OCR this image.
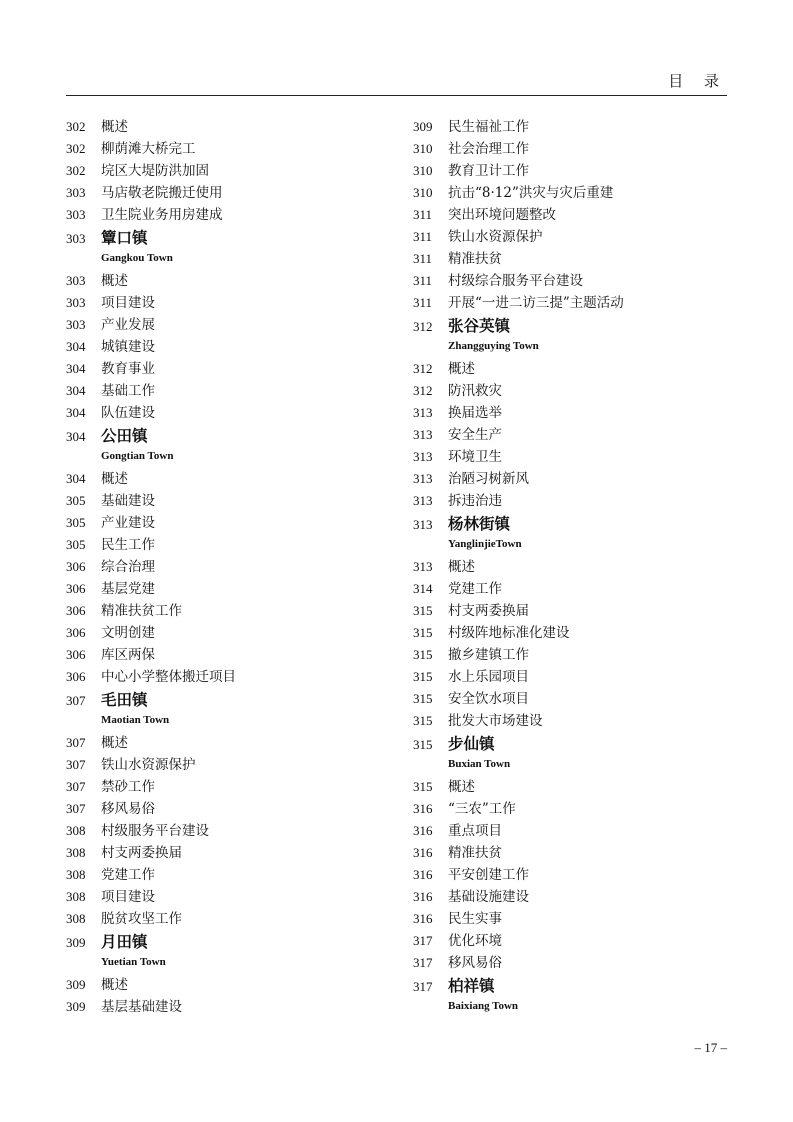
目 录
302	概述
302	柳荫滩大桥完工
302	垸区大堤防洪加固
303	马店敬老院搬迁使用
303	卫生院业务用房建成
303	簟口镇
Gangkou Town
303	概述
303	项目建设
303	产业发展
304	城镇建设
304	教育事业
304	基础工作
304	队伍建设
304	公田镇
Gongtian Town
304	概述
305	基础建设
305	产业建设
305	民生工作
306	综合治理
306	基层党建
306	精准扶贫工作
306	文明创建
306	库区两保
306	中心小学整体搬迁项目
307	毛田镇
Maotian Town
307	概述
307	铁山水资源保护
307	禁砂工作
307	移风易俗
308	村级服务平台建设
308	村支两委换届
308	党建工作
308	项目建设
308	脱贫攻坚工作
309	月田镇
Yuetian Town
309	概述
309	基层基础建设
309	民生福祉工作
310	社会治理工作
310	教育卫计工作
310	抗击“8·12”洪灾与灾后重建
311	突出环境问题整改
311	铁山水资源保护
311	精准扶贫
311	村级综合服务平台建设
311	开展“一进二访三提”主题活动
312	张谷英镇
Zhangguying Town
312	概述
312	防汛救灾
313	换届选举
313	安全生产
313	环境卫生
313	治陋习树新风
313	拆违治违
313	杨林街镇
YanglinjieTown
313	概述
314	党建工作
315	村支两委换届
315	村级阵地标准化建设
315	撤乡建镇工作
315	水上乐园项目
315	安全饮水项目
315	批发大市场建设
315	步仙镇
Buxian Town
315	概述
316	“三农”工作
316	重点项目
316	精准扶贫
316	平安创建工作
316	基础设施建设
316	民生实事
317	优化环境
317	移风易俗
317	柏祥镇
Baixiang Town
– 17 –
